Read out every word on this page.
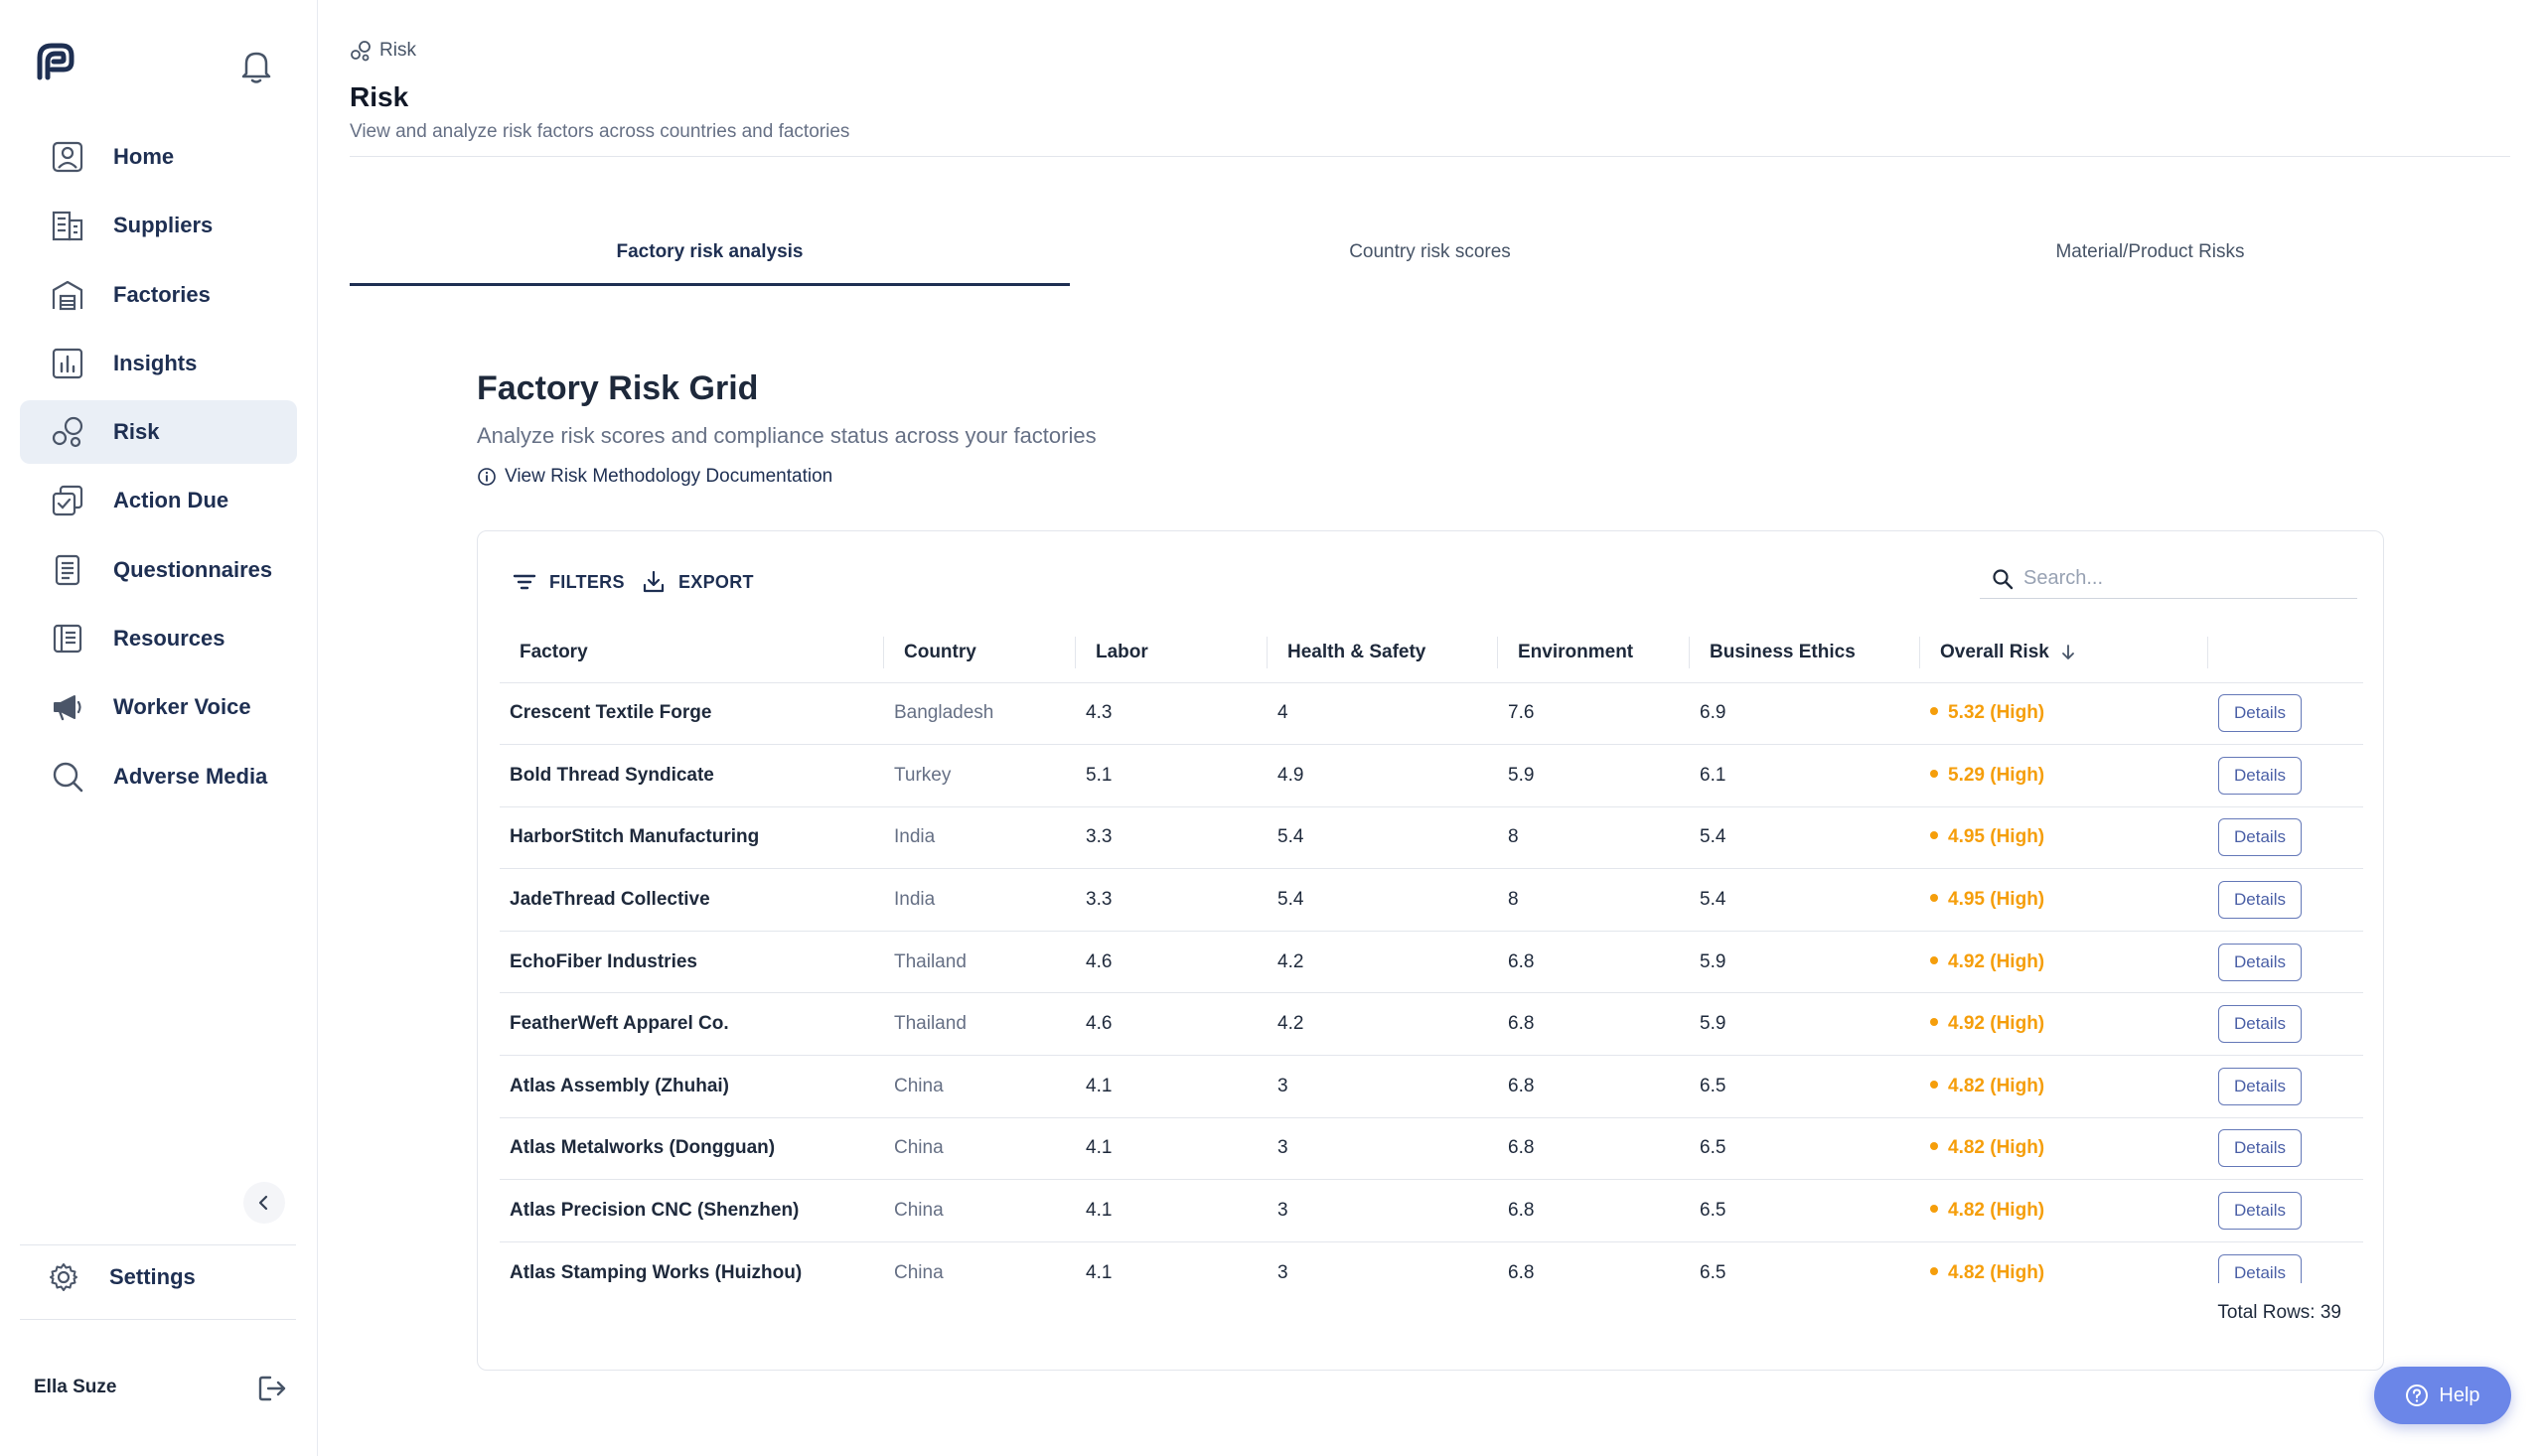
Home
Suppliers
Factories
Insights
Risk
Action Due
Questionnaires
Resources
Worker Voice
Adverse Media
Settings
Ella Suze
Risk
Risk
View and analyze risk factors across countries and factories
Factory risk analysis	Country risk scores	Material/Product Risks
Factory Risk Grid
Analyze risk scores and compliance status across your factories
View Risk Methodology Documentation
FILTERS	EXPORT
Search...
Factory	Country	Labor	Health & Safety	Environment	Business Ethics	Overall Risk

Crescent Textile Forge	Bangladesh	4.3	4	7.6	6.9	5.32 (High)	Details
Bold Thread Syndicate	Turkey	5.1	4.9	5.9	6.1	5.29 (High)	Details
HarborStitch Manufacturing	India	3.3	5.4	8	5.4	4.95 (High)	Details
JadeThread Collective	India	3.3	5.4	8	5.4	4.95 (High)	Details
EchoFiber Industries	Thailand	4.6	4.2	6.8	5.9	4.92 (High)	Details
FeatherWeft Apparel Co.	Thailand	4.6	4.2	6.8	5.9	4.92 (High)	Details
Atlas Assembly (Zhuhai)	China	4.1	3	6.8	6.5	4.82 (High)	Details
Atlas Metalworks (Dongguan)	China	4.1	3	6.8	6.5	4.82 (High)	Details
Atlas Precision CNC (Shenzhen)	China	4.1	3	6.8	6.5	4.82 (High)	Details
Atlas Stamping Works (Huizhou)	China	4.1	3	6.8	6.5	4.82 (High)	Details
Total Rows: 39
Help
